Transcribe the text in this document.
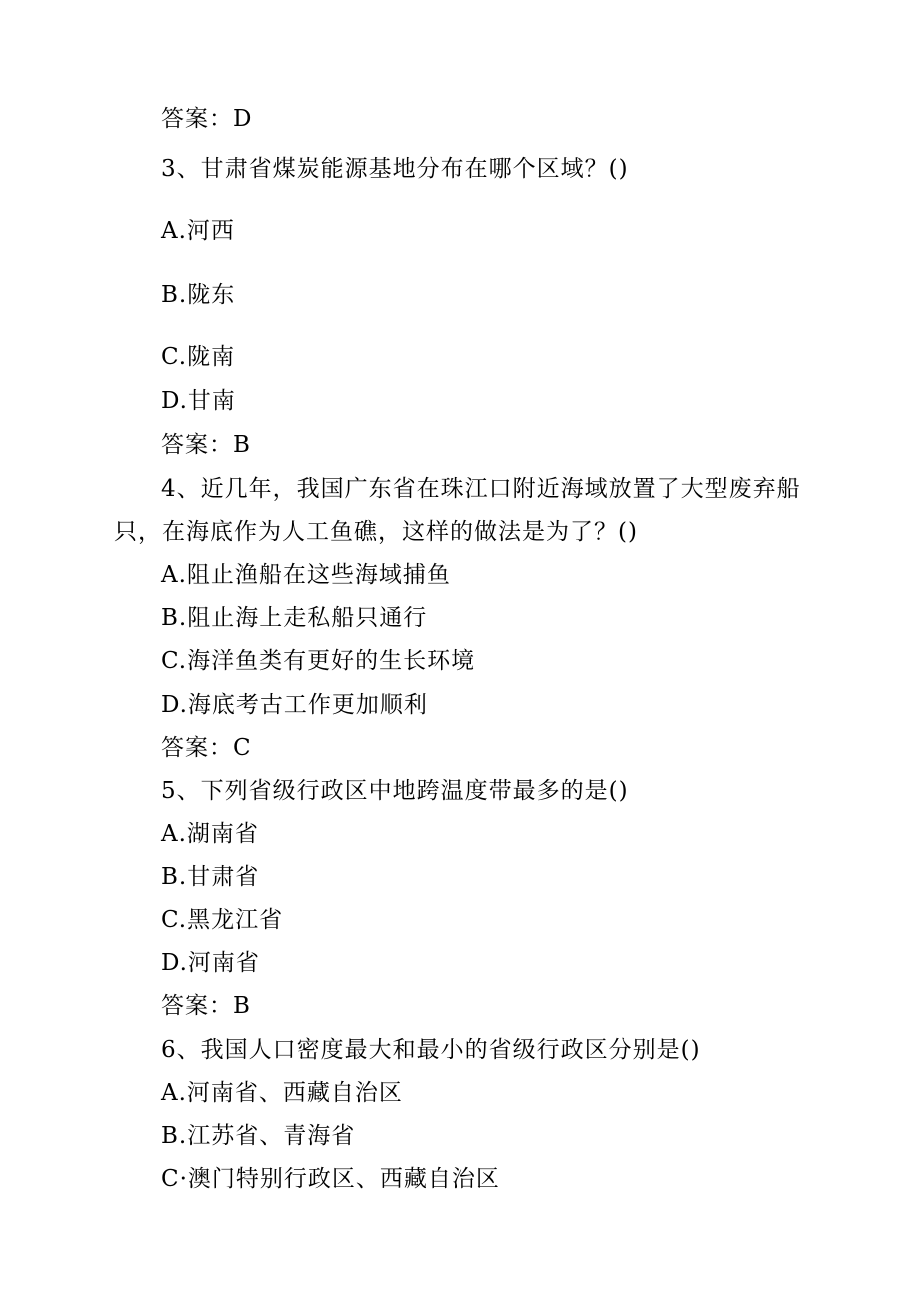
答案：D
3、甘肃省煤炭能源基地分布在哪个区域？()
A.河西
B.陇东
C.陇南
D.甘南
答案：B
4、近几年，我国广东省在珠江口附近海域放置了大型废弃船
只，在海底作为人工鱼礁，这样的做法是为了？()
A.阻止渔船在这些海域捕鱼
B.阻止海上走私船只通行
C.海洋鱼类有更好的生长环境
D.海底考古工作更加顺利
答案：C
5、下列省级行政区中地跨温度带最多的是()
A.湖南省
B.甘肃省
C.黑龙江省
D.河南省
答案：B
6、我国人口密度最大和最小的省级行政区分别是()
A.河南省、西藏自治区
B.江苏省、青海省
C·澳门特别行政区、西藏自治区
